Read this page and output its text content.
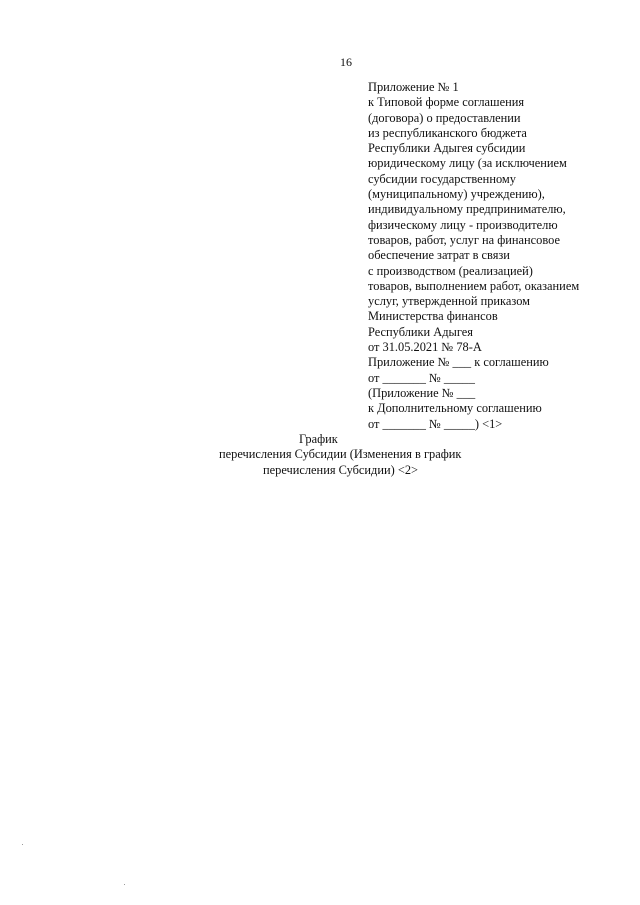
16
Приложение № 1
к Типовой форме соглашения
(договора) о предоставлении
из республиканского бюджета
Республики Адыгея субсидии
юридическому лицу (за исключением
субсидии государственному
(муниципальному) учреждению),
индивидуальному предпринимателю,
физическому лицу - производителю
товаров, работ, услуг на финансовое
обеспечение затрат в связи
с производством (реализацией)
товаров, выполнением работ, оказанием
услуг, утвержденной приказом
Министерства финансов
Республики Адыгея
от 31.05.2021 № 78-А
Приложение № ___ к соглашению
от _______ № _____
(Приложение № ___
к Дополнительному соглашению
от _______ № _____) <1>
График
перечисления Субсидии (Изменения в график
перечисления Субсидии) <2>
